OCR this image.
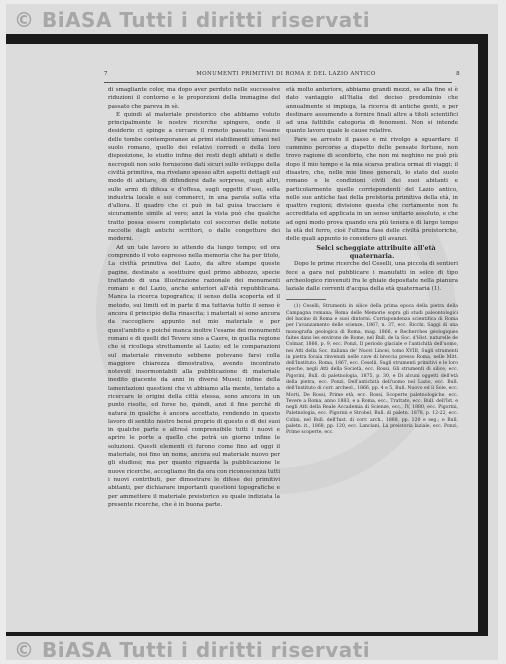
© BiASA Tutti i diritti riservati
© BiASA Tutti i diritti riservati
7	MONUMENTI PRIMITIVI DI ROMA E DEL LAZIO ANTICO	8

di smagliante color, ma dopo aver perduto nelle successive riduzioni il contorno e le proporzioni della immagine del passato che pareva in sè.

E quindi al materiale preistorico che abbiamo voluto principalmente le nostre ricerche spingere, onde il desiderio ci spinge a cercare il remoto passato; l'esame delle tombe contemporanee ai primi stabilimenti umani nel suolo romano, quello dei relativi corredi e della loro disposizione, lo studio infine dei resti degli abitati e delle necropoli non solo forniscono dati sicuri sullo sviluppo della civiltà primitiva, ma rivelano spesso altri aspetti dettagli sul modo di abitare, di difendersi dalle sorprese, sugli altri, sulle armi di difesa e d'offesa, sugli oggetti d'uso, sulla industria locale e sui commerci, in una parola sulla vita d'allora. Il quadro che ci può in tal guisa tracciare è sicuramente simile al vero; anzi la vista può che qualche tratto possa essere completato col soccorso delle notizie raccolte dagli antichi scrittori, o dalle congetture dei moderni.

Ad un tale lavoro io attendo da lungo tempo; ed ora comprendo il voto espresso nella memoria che ha per titolo, La civiltà primitiva del Lazio, da altre stampe queste pagine, destinate a sostituire quel primo abbozzo, specie trattando di una illustrazione razionale dei monumenti romani e del Lazio, anche anteriori all'età repubblicana. Manca la ricerca topografica; il senso della scoperta ed il metodo, sui limiti ed in parte il ma tuttavia tutto il senso è ancora il principio della rinascita; i materiali si sono ancora da raccogliere appunto nel mio materiale e per quest'ambito e poiché manca inoltre l'esame dei monumenti romani e di quelli del Tevere sino a Caere, in quella regione che si ricollega strettamente al Lazio; ed le comparazioni sul materiale rinvenuto sebbene potevano farsi colla maggiore chiarezza dimostrativa, avendo incontrato notevoli insormontabili alla pubblicazione di materiale inedito giacente da anni in diversi Musei; infine della lamentazioni questioni che vi abbiamo alla mente, tentato a ricercare le origini della città stessa, sono ancora in un punto risolte, ed forse ho, quindi, anzi il fine perché di natura in qualche è ancora accettato, rendendo in questo lavoro di sentito nostro bensì proprio di questo e di dei suoi in qualche parte e altresì comprensibile tutti i nuovi e aprire le porte a quello che potrà un giorno infine le soluzioni. Questi elementi ci furono come fino ad oggi il materiale, noi fino un nome, ancora sul materiale nuovo per gli studiosi; ma per quanto riguarda la pubblicazione le nuove ricerche, accogliamo fin da ora con riconoscenza tutti i nuovi contributi, per dimostrare le difese dei primitivi abitanti, per dichiarare importanti questioni topografiche e per ammettere il materiale preistorico su quale indiziata la presente ricerche, che è in buona parte.

età molto anteriore, abbiamo grandi mezzi, se alla fine si è dato vantaggio all'Italia del deciso predominio che annualmente si impiega, la ricerca di antiche genti, e per destinare assumendo a fornire finali altre a titoli scientifici ad una fattibile categoria di fenomeni. Non si intende quanto lavoro quale le cause relative.

Pare se arresto il passo e mi rivolgo a sguardare il cammino percorso a dispetto delle pensate fortune, non trovo ragione di sconforto, che non mi neghino ne può più dopo il mio tempo e la mia scarsa pratica ormai di viaggi; il disastro, che, nelle mie linee generali, lo stato del suolo romano e le condizioni civili dei suoi abitanti e particolarmente quelle corrispondenti del Lazio antico, nelle sue antiche fasi della preistoria primitiva della età, in quattro regioni; divisione questa che certamente non fu accreditata ed applicata in un senso unitario assoluto, e che ad ogni modo prova quando era più tenera e di largo tempo la età del ferro, cioè l'ultima fase delle civiltà preistoriche, delle quali appunto io considero gli avanzi.

Selci scheggiate attribuite all'età quaternaria.

Dopo le prime ricerche del Ceselli, una piccola di sentieri fece a gara nel pubblicare i manufatti in selce di tipo archeologico rinvenuti fra le ghiaie depositate nella pianura laziale dalle correnti d'acqua della età quaternaria (1).

(1) Ceselli, Strumenti in silice della prima epoca della pietra della Campagna romana; Roma delle Memorie sopra gli studi paleontologici del bacino di Roma e suoi dintorni. Corrispondenza scientifica di Roma per l'avanzamento delle scienze, 1867, n. 37, ecc. Ricchi, Saggi di una monografia geologica di Roma, mag. 1866, e Recherches géologiques faites dans les environs de Rome, nel Bull. de la Soc. d'Hist. naturelle de Colmar, 1866, p. 9, ecc. Ponzi, Il periodo glaciale e l'antichità dell'uomo, nei Atti della Soc. italiana de' Nuovi Lincei, tomo XVIII, Sugli strumenti in pietra focaia rinvenuti nelle cave di breccia presso Roma, nelle Mitt. dell'Instituto. Roma, 1867, ecc. Ceselli, Sugli strumenti primitivi e le loro epoche, negli Atti della Società, ecc. Rossi, Gli strumenti di silice, ecc. Pigorini, Bull. di paletnologia, 1875, p. 30, e Di alcuni oggetti dell'età della pietra, ecc. Ponzi, Dell'antichità dell'uomo nel Lazio, ecc. Bull. dell'Instituto di corr. archeol., 1866, pp. 4 e 5, Bull. Nuovo ed il Sole, ecc. Morti, De Rossi, Prime età, ecc. Rossi, Scoperte paletnologiche, ecc. Tevere a Roma, anno 1883, e a Roma, ecc., Trattato, ecc. Bull. dell'Ist. e negli Atti della Reale Accademia di Scienze, ecc., IV, 1880, ecc. Pigorini, Paletnologia, ecc. Pigorini e Strobel, Bull. di paletn. 1878, p. 12-22, ecc. Colini, nel Bull. dell'Inst. di corr. arch., 1888, pp. 120 e seg.; e Bull. paletn. it., 1868, pp. 120, ecc. Lanciani, La preistoria laziale, ecc. Ponzi, Prime scoperte, ecc.
